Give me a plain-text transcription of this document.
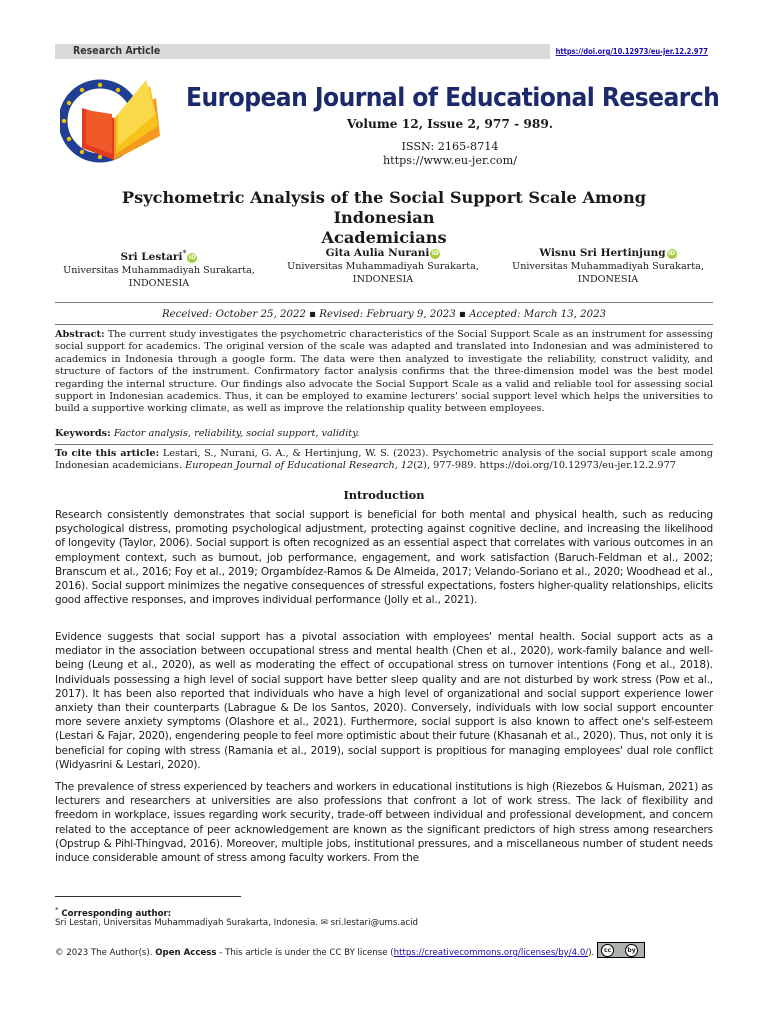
Research Article	https://doi.org/10.12973/eu-jer.12.2.977
European Journal of Educational Research
Volume 12, Issue 2, 977 - 989.
ISSN: 2165-8714
https://www.eu-jer.com/
Psychometric Analysis of the Social Support Scale Among Indonesian
Academicians
Sri Lestari* iD
Universitas Muhammadiyah Surakarta,
INDONESIA
Gita Aulia Nurani iD
Universitas Muhammadiyah Surakarta,
INDONESIA
Wisnu Sri Hertinjung iD
Universitas Muhammadiyah Surakarta,
INDONESIA
Received: October 25, 2022 ▪ Revised: February 9, 2023 ▪ Accepted: March 13, 2023
Abstract: The current study investigates the psychometric characteristics of the Social Support Scale as an instrument for assessing social support for academics. The original version of the scale was adapted and translated into Indonesian and was administered to academics in Indonesia through a google form. The data were then analyzed to investigate the reliability, construct validity, and structure of factors of the instrument. Confirmatory factor analysis confirms that the three-dimension model was the best model regarding the internal structure. Our findings also advocate the Social Support Scale as a valid and reliable tool for assessing social support in Indonesian academics. Thus, it can be employed to examine lecturers' social support level which helps the universities to build a supportive working climate, as well as improve the relationship quality between employees.
Keywords: Factor analysis, reliability, social support, validity.
To cite this article: Lestari, S., Nurani, G. A., & Hertinjung, W. S. (2023). Psychometric analysis of the social support scale among Indonesian academicians. European Journal of Educational Research, 12(2), 977-989. https://doi.org/10.12973/eu-jer.12.2.977
Introduction
Research consistently demonstrates that social support is beneficial for both mental and physical health, such as reducing psychological distress, promoting psychological adjustment, protecting against cognitive decline, and increasing the likelihood of longevity (Taylor, 2006). Social support is often recognized as an essential aspect that correlates with various outcomes in an employment context, such as burnout, job performance, engagement, and work satisfaction (Baruch-Feldman et al., 2002; Branscum et al., 2016; Foy et al., 2019; Orgambídez-Ramos & De Almeida, 2017; Velando-Soriano et al., 2020; Woodhead et al., 2016). Social support minimizes the negative consequences of stressful expectations, fosters higher-quality relationships, elicits good affective responses, and improves individual performance (Jolly et al., 2021).
Evidence suggests that social support has a pivotal association with employees' mental health. Social support acts as a mediator in the association between occupational stress and mental health (Chen et al., 2020), work-family balance and well-being (Leung et al., 2020), as well as moderating the effect of occupational stress on turnover intentions (Fong et al., 2018). Individuals possessing a high level of social support have better sleep quality and are not disturbed by work stress (Pow et al., 2017). It has been also reported that individuals who have a high level of organizational and social support experience lower anxiety than their counterparts (Labrague & De los Santos, 2020). Conversely, individuals with low social support encounter more severe anxiety symptoms (Olashore et al., 2021). Furthermore, social support is also known to affect one's self-esteem (Lestari & Fajar, 2020), engendering people to feel more optimistic about their future (Khasanah et al., 2020). Thus, not only it is beneficial for coping with stress (Ramania et al., 2019), social support is propitious for managing employees' dual role conflict (Widyasrini & Lestari, 2020).
The prevalence of stress experienced by teachers and workers in educational institutions is high (Riezebos & Huisman, 2021) as lecturers and researchers at universities are also professions that confront a lot of work stress. The lack of flexibility and freedom in workplace, issues regarding work security, trade-off between individual and professional development, and concern related to the acceptance of peer acknowledgement are known as the significant predictors of high stress among researchers (Opstrup & Pihl-Thingvad, 2016). Moreover, multiple jobs, institutional pressures, and a miscellaneous number of student needs induce considerable amount of stress among faculty workers. From the
* Corresponding author:
Sri Lestari, Universitas Muhammadiyah Surakarta, Indonesia. ✉ sri.lestari@ums.acid
© 2023 The Author(s). Open Access - This article is under the CC BY license (https://creativecommons.org/licenses/by/4.0/).	cc	by
